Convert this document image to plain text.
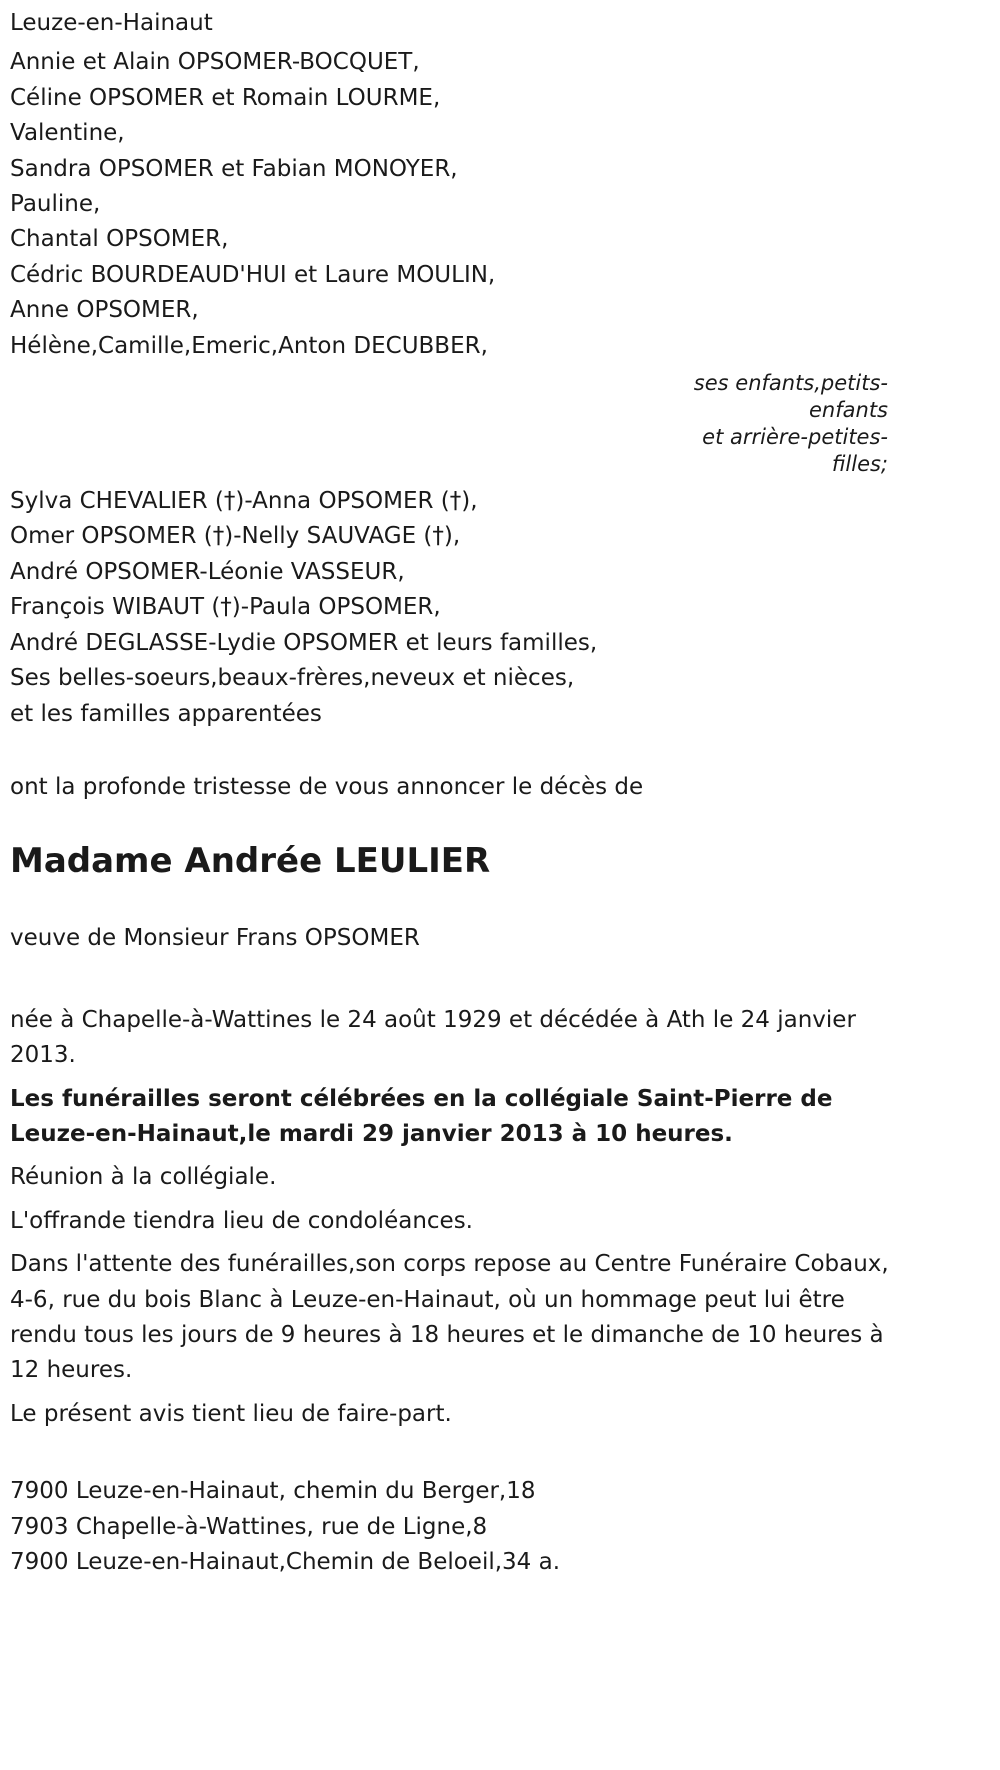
Leuze-en-Hainaut
Annie et Alain OPSOMER-BOCQUET,
Céline OPSOMER et Romain LOURME,
Valentine,
Sandra OPSOMER et Fabian MONOYER,
Pauline,
Chantal OPSOMER,
Cédric BOURDEAUD'HUI et Laure MOULIN,
Anne OPSOMER,
Hélène,Camille,Emeric,Anton DECUBBER,
ses enfants,petits-
enfants
et arrière-petites-
filles;
Sylva CHEVALIER (†)-Anna OPSOMER (†),
Omer OPSOMER (†)-Nelly SAUVAGE (†),
André OPSOMER-Léonie VASSEUR,
François WIBAUT (†)-Paula OPSOMER,
André DEGLASSE-Lydie OPSOMER et leurs familles,
Ses belles-soeurs,beaux-frères,neveux et nièces,
et les familles apparentées
ont la profonde tristesse de vous annoncer le décès de
Madame Andrée LEULIER
veuve de Monsieur Frans OPSOMER
née à Chapelle-à-Wattines le 24 août 1929 et décédée à Ath le 24 janvier 2013.
Les funérailles seront célébrées en la collégiale Saint-Pierre de Leuze-en-Hainaut,le mardi 29 janvier 2013 à 10 heures.
Réunion à la collégiale.
L'offrande tiendra lieu de condoléances.
Dans l'attente des funérailles,son corps repose au Centre Funéraire Cobaux, 4-6, rue du bois Blanc à Leuze-en-Hainaut, où un hommage peut lui être rendu tous les jours de 9 heures à 18 heures et le dimanche de 10 heures à 12 heures.
Le présent avis tient lieu de faire-part.
7900 Leuze-en-Hainaut, chemin du Berger,18
7903 Chapelle-à-Wattines, rue de Ligne,8
7900 Leuze-en-Hainaut,Chemin de Beloeil,34 a.
